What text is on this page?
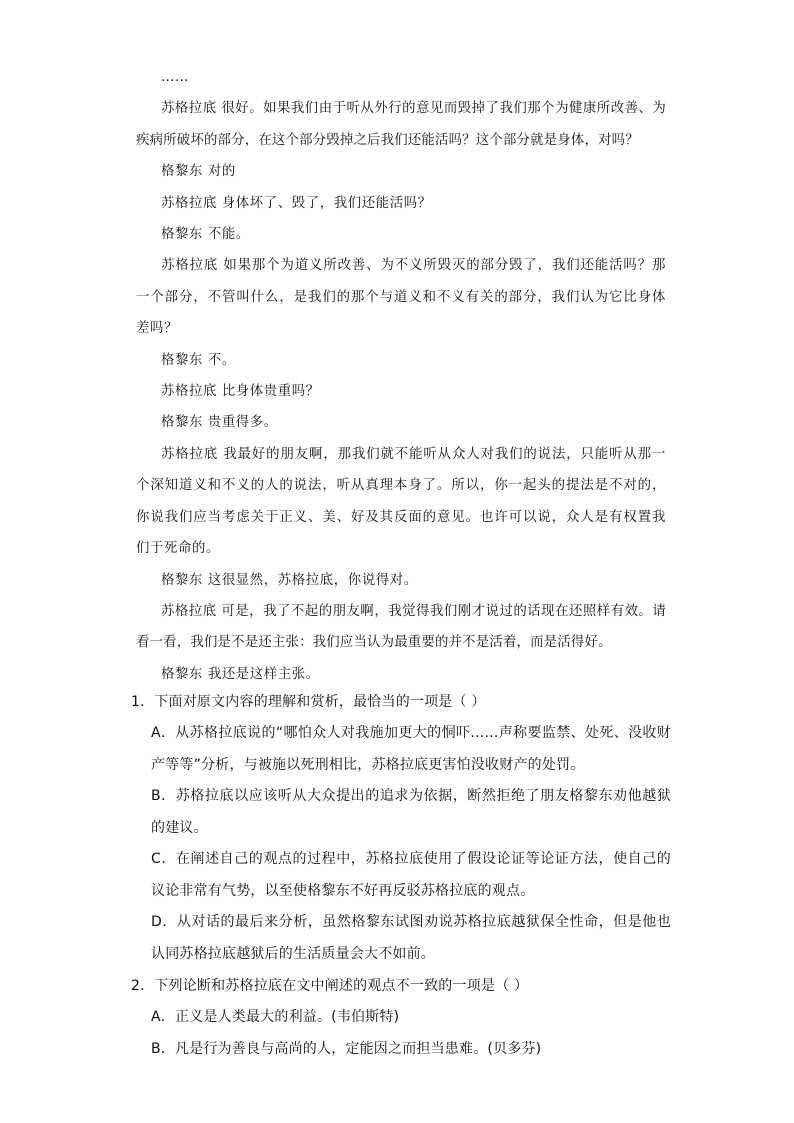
……

苏格拉底 很好。如果我们由于听从外行的意见而毁掉了我们那个为健康所改善、为疾病所破坏的部分，在这个部分毁掉之后我们还能活吗？这个部分就是身体，对吗？

格黎东 对的

苏格拉底 身体坏了、毁了，我们还能活吗？

格黎东 不能。

苏格拉底 如果那个为道义所改善、为不义所毁灭的部分毁了，我们还能活吗？那一个部分，不管叫什么，是我们的那个与道义和不义有关的部分，我们认为它比身体差吗？

格黎东 不。

苏格拉底 比身体贵重吗？

格黎东 贵重得多。

苏格拉底 我最好的朋友啊，那我们就不能听从众人对我们的说法，只能听从那一个深知道义和不义的人的说法，听从真理本身了。所以，你一起头的提法是不对的，你说我们应当考虑关于正义、美、好及其反面的意见。也许可以说，众人是有权置我们于死命的。

格黎东 这很显然，苏格拉底，你说得对。

苏格拉底 可是，我了不起的朋友啊，我觉得我们刚才说过的话现在还照样有效。请看一看，我们是不是还主张：我们应当认为最重要的并不是活着，而是活得好。

格黎东 我还是这样主张。

1．下面对原文内容的理解和赏析，最恰当的一项是（ ）

A．从苏格拉底说的“哪怕众人对我施加更大的恫吓……声称要监禁、处死、没收财产等等”分析，与被施以死刑相比，苏格拉底更害怕没收财产的处罚。

B．苏格拉底以应该听从大众提出的追求为依据，断然拒绝了朋友格黎东劝他越狱的建议。

C．在阐述自己的观点的过程中，苏格拉底使用了假设论证等论证方法，使自己的议论非常有气势，以至使格黎东不好再反驳苏格拉底的观点。

D．从对话的最后来分析，虽然格黎东试图劝说苏格拉底越狱保全性命，但是他也认同苏格拉底越狱后的生活质量会大不如前。

2．下列论断和苏格拉底在文中阐述的观点不一致的一项是（ ）

A．正义是人类最大的利益。(韦伯斯特)

B．凡是行为善良与高尚的人，定能因之而担当患难。(贝多芬)
